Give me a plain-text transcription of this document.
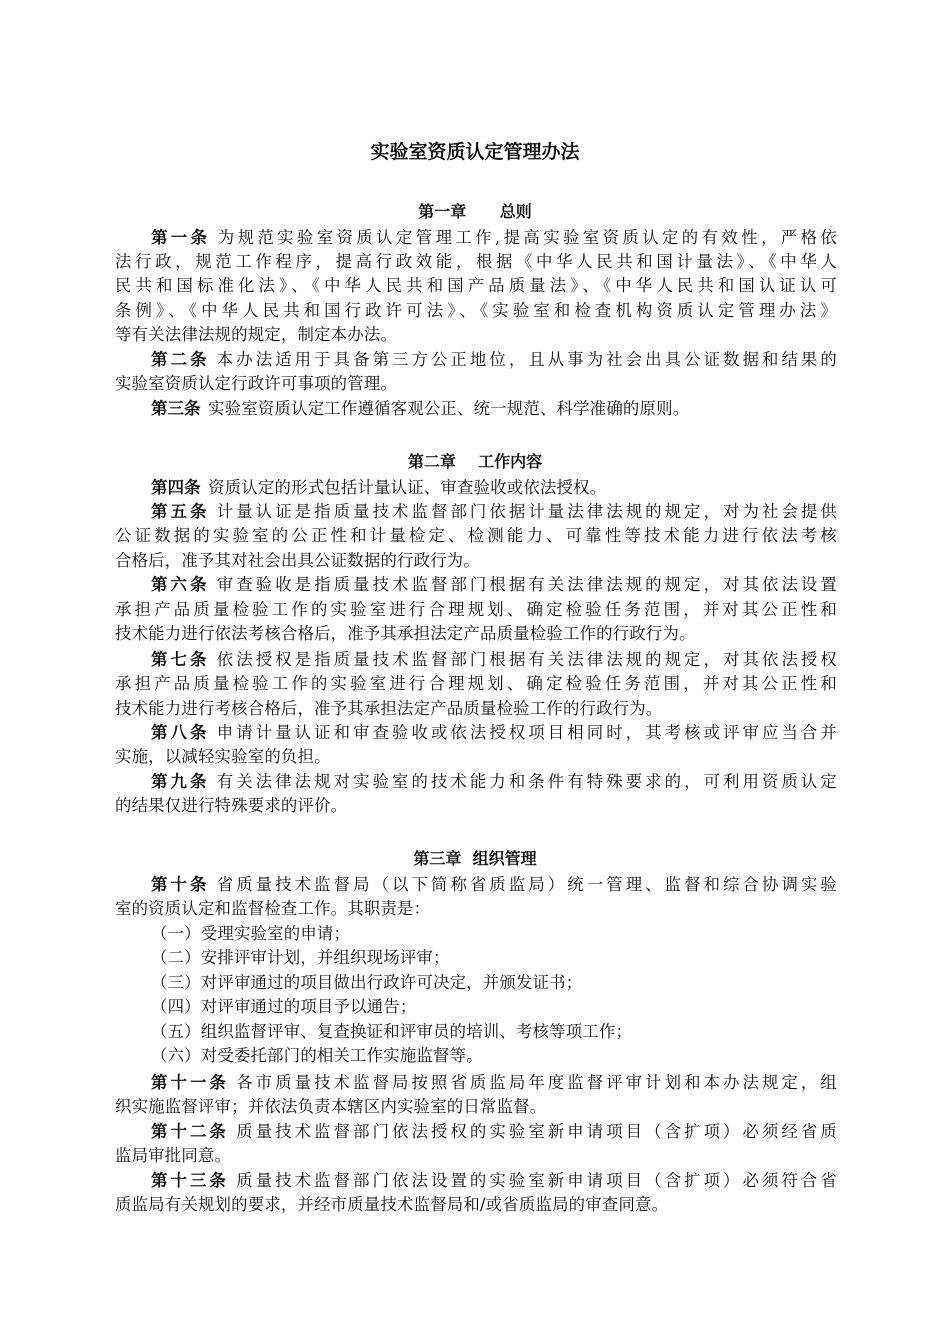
实验室资质认定管理办法
第一章      总则
第一条 为规范实验室资质认定管理工作,提高实验室资质认定的有效性，严格依
法行政，规范工作程序，提高行政效能，根据《中华人民共和国计量法》、《中华人
民共和国标准化法》、《中华人民共和国产品质量法》、《中华人民共和国认证认可
条例》、《中华人民共和国行政许可法》、《实验室和检查机构资质认定管理办法》
等有关法律法规的规定，制定本办法。
第二条 本办法适用于具备第三方公正地位，且从事为社会出具公证数据和结果的
实验室资质认定行政许可事项的管理。
第三条 实验室资质认定工作遵循客观公正、统一规范、科学准确的原则。
第二章    工作内容
第四条 资质认定的形式包括计量认证、审查验收或依法授权。
第五条 计量认证是指质量技术监督部门依据计量法律法规的规定，对为社会提供
公证数据的实验室的公正性和计量检定、检测能力、可靠性等技术能力进行依法考核
合格后，准予其对社会出具公证数据的行政行为。
第六条 审查验收是指质量技术监督部门根据有关法律法规的规定，对其依法设置
承担产品质量检验工作的实验室进行合理规划、确定检验任务范围，并对其公正性和
技术能力进行依法考核合格后，准予其承担法定产品质量检验工作的行政行为。
第七条 依法授权是指质量技术监督部门根据有关法律法规的规定，对其依法授权
承担产品质量检验工作的实验室进行合理规划、确定检验任务范围，并对其公正性和
技术能力进行考核合格后，准予其承担法定产品质量检验工作的行政行为。
第八条 申请计量认证和审查验收或依法授权项目相同时，其考核或评审应当合并
实施，以减轻实验室的负担。
第九条 有关法律法规对实验室的技术能力和条件有特殊要求的，可利用资质认定
的结果仅进行特殊要求的评价。
第三章  组织管理
第十条 省质量技术监督局（以下简称省质监局）统一管理、监督和综合协调实验
室的资质认定和监督检查工作。其职责是：
（一）受理实验室的申请；
（二）安排评审计划，并组织现场评审；
（三）对评审通过的项目做出行政许可决定，并颁发证书；
（四）对评审通过的项目予以通告；
（五）组织监督评审、复查换证和评审员的培训、考核等项工作；
（六）对受委托部门的相关工作实施监督等。
第十一条 各市质量技术监督局按照省质监局年度监督评审计划和本办法规定，组
织实施监督评审；并依法负责本辖区内实验室的日常监督。
第十二条 质量技术监督部门依法授权的实验室新申请项目（含扩项）必须经省质
监局审批同意。
第十三条 质量技术监督部门依法设置的实验室新申请项目（含扩项）必须符合省
质监局有关规划的要求，并经市质量技术监督局和/或省质监局的审查同意。
